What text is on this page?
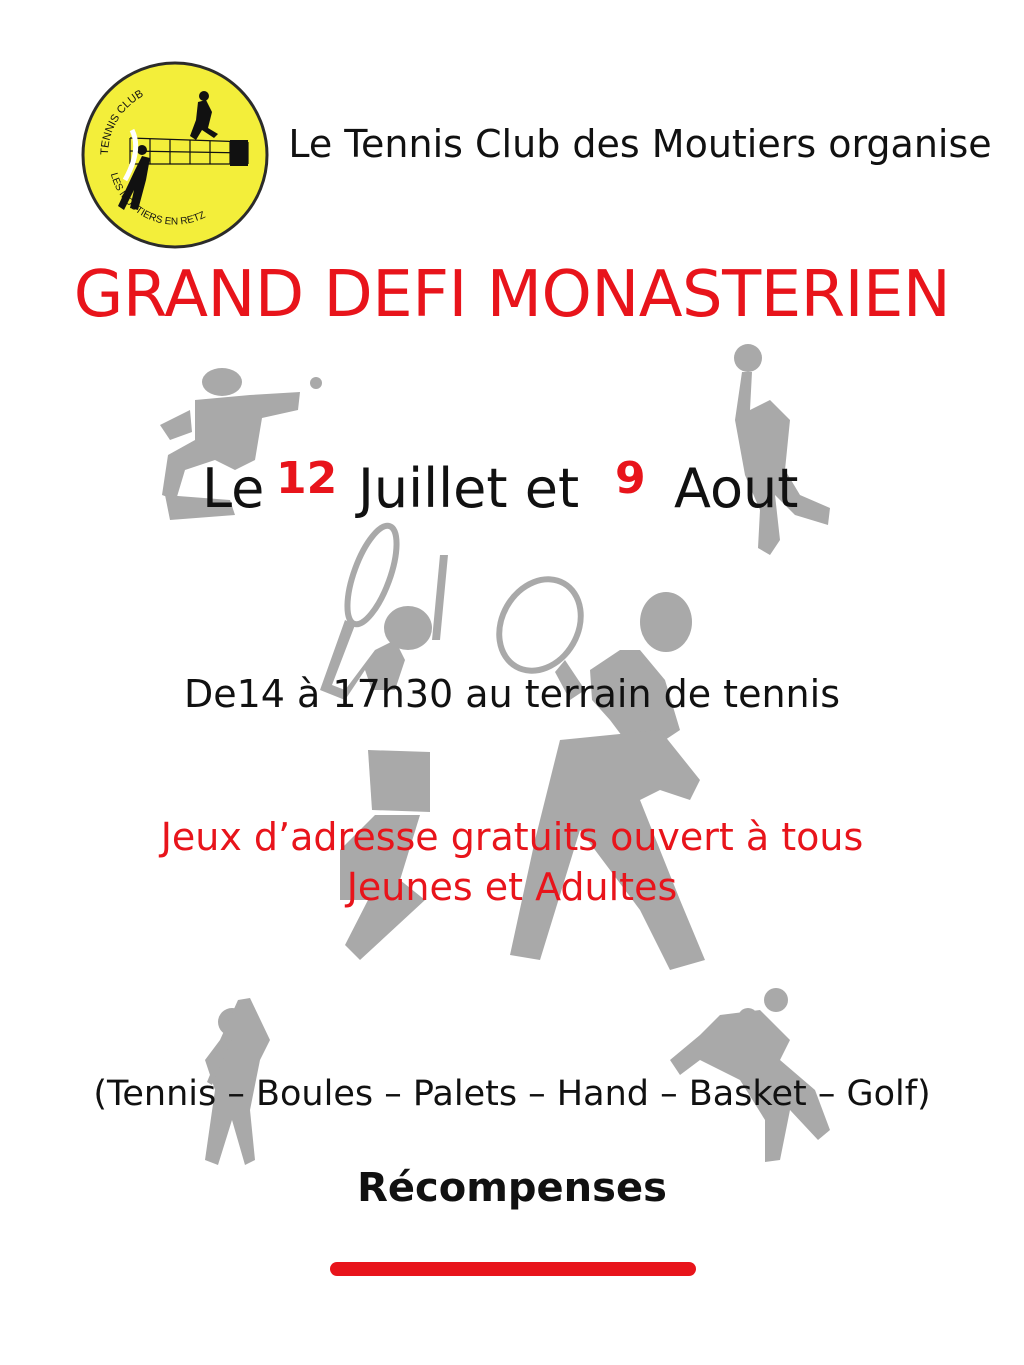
TENNIS CLUB
LES MOUTIERS EN RETZ
Le Tennis Club des Moutiers organise
GRAND DEFI MONASTERIEN
Le 12 Juillet et 9 Aout
De14 à 17h30 au terrain de tennis
Jeux d’adresse gratuits ouvert à tous
Jeunes et Adultes
(Tennis – Boules – Palets – Hand – Basket – Golf)
Récompenses
